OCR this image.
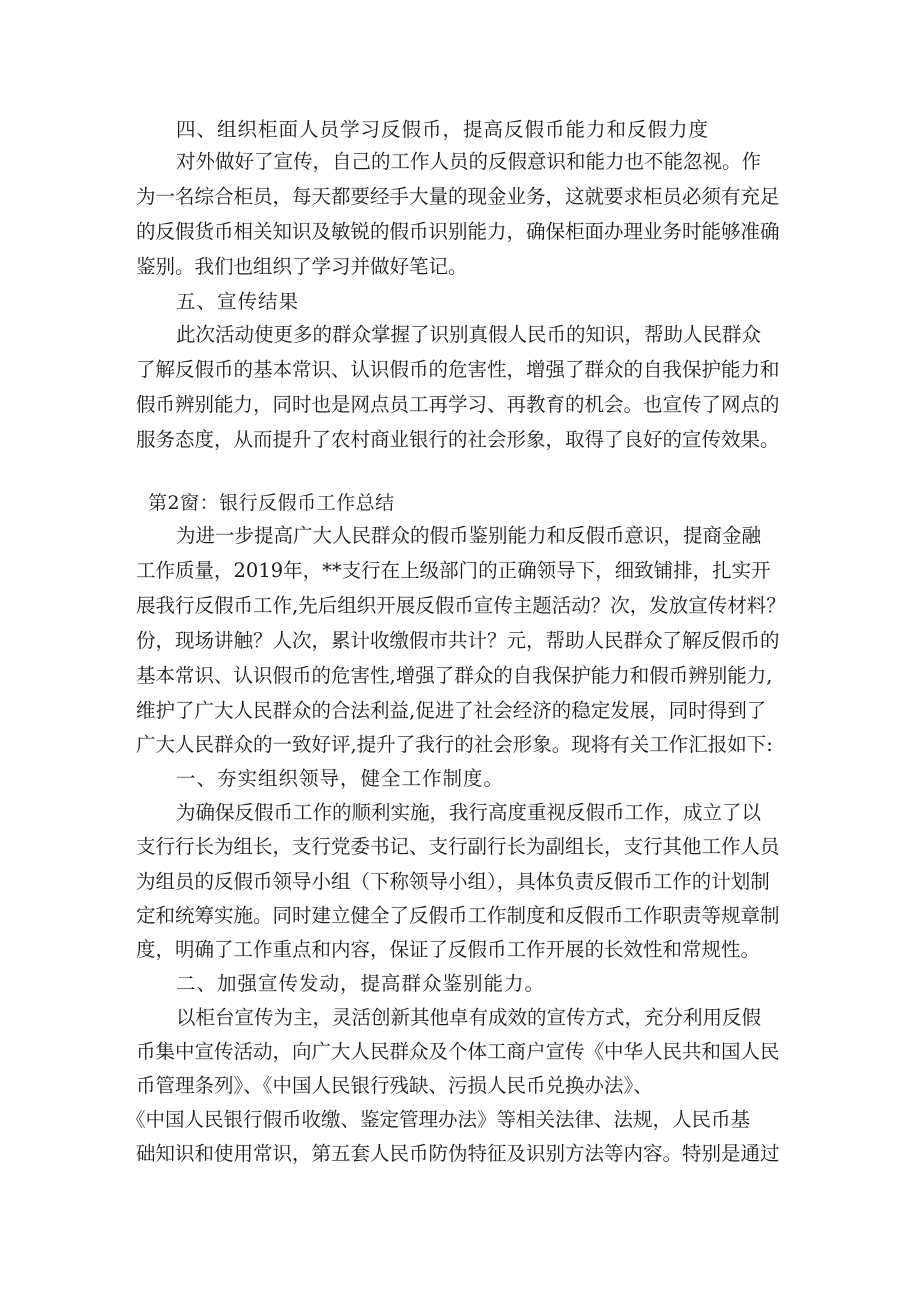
四、组织柜面人员学习反假币，提高反假币能力和反假力度
对外做好了宣传，自己的工作人员的反假意识和能力也不能忽视。作
为一名综合柜员，每天都要经手大量的现金业务，这就要求柜员必须有充足
的反假货币相关知识及敏锐的假币识别能力，确保柜面办理业务时能够准确
鉴别。我们也组织了学习并做好笔记。
五、宣传结果
此次活动使更多的群众掌握了识别真假人民币的知识，帮助人民群众
了解反假币的基本常识、认识假币的危害性，增强了群众的自我保护能力和
假币辨别能力，同时也是网点员工再学习、再教育的机会。也宣传了网点的
服务态度，从而提升了农村商业银行的社会形象，取得了良好的宣传效果。
第2窗：银行反假币工作总结
为进一步提高广大人民群众的假币鉴别能力和反假币意识，提商金融
工作质量，2019年，**支行在上级部门的正确领导下，细致铺排，扎实开
展我行反假币工作,先后组织开展反假币宣传主题活动？次，发放宣传材料？
份，现场讲触？人次，累计收缴假市共计？元，帮助人民群众了解反假币的
基本常识、认识假币的危害性,增强了群众的自我保护能力和假币辨别能力,
维护了广大人民群众的合法利益,促进了社会经济的稳定发展，同时得到了
广大人民群众的一致好评,提升了我行的社会形象。现将有关工作汇报如下:
一、夯实组织领导，健全工作制度。
为确保反假币工作的顺利实施，我行高度重视反假币工作，成立了以
支行行长为组长，支行党委书记、支行副行长为副组长，支行其他工作人员
为组员的反假币领导小组（下称领导小组），具体负责反假币工作的计划制
定和统筹实施。同时建立健全了反假币工作制度和反假币工作职责等规章制
度，明确了工作重点和内容，保证了反假币工作开展的长效性和常规性。
二、加强宣传发动，提高群众鉴别能力。
以柜台宣传为主，灵活创新其他卓有成效的宣传方式，充分利用反假
币集中宣传活动，向广大人民群众及个体工商户宣传《中华人民共和国人民
币管理条列》、《中国人民银行残缺、污损人民币兑换办法》、
《中国人民银行假币收缴、鉴定管理办法》等相关法律、法规，人民币基
础知识和使用常识，第五套人民币防伪特征及识别方法等内容。特别是通过
